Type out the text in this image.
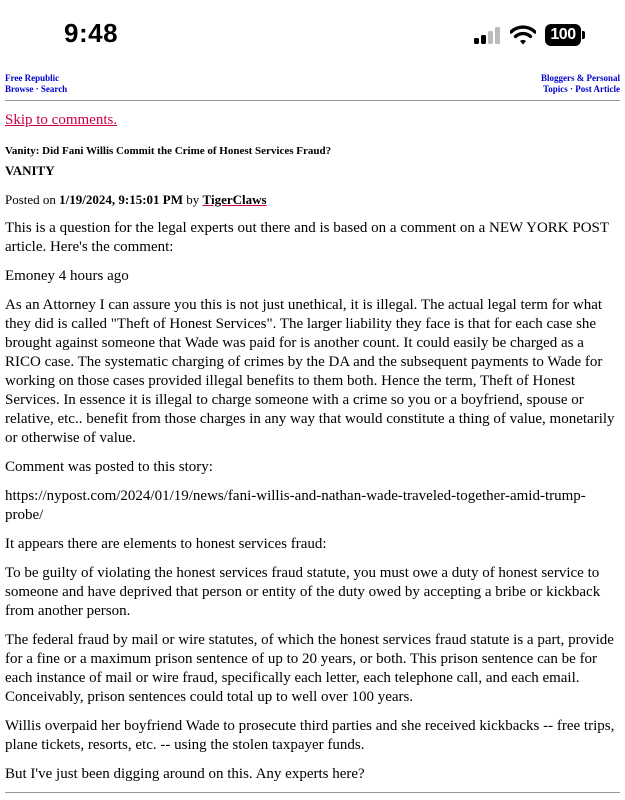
9:48	100
Free Republic
Browse · Search
Bloggers & Personal
Topics · Post Article
Skip to comments.
Vanity: Did Fani Willis Commit the Crime of Honest Services Fraud?
VANITY
Posted on 1/19/2024, 9:15:01 PM by TigerClaws

This is a question for the legal experts out there and is based on a comment on a NEW YORK POST article. Here's the comment:

Emoney 4 hours ago

As an Attorney I can assure you this is not just unethical, it is illegal. The actual legal term for what they did is called "Theft of Honest Services". The larger liability they face is that for each case she brought against someone that Wade was paid for is another count. It could easily be charged as a RICO case. The systematic charging of crimes by the DA and the subsequent payments to Wade for working on those cases provided illegal benefits to them both. Hence the term, Theft of Honest Services. In essence it is illegal to charge someone with a crime so you or a boyfriend, spouse or relative, etc.. benefit from those charges in any way that would constitute a thing of value, monetarily or otherwise of value.

Comment was posted to this story:

https://nypost.com/2024/01/19/news/fani-willis-and-nathan-wade-traveled-together-amid-trump-probe/

It appears there are elements to honest services fraud:

To be guilty of violating the honest services fraud statute, you must owe a duty of honest service to someone and have deprived that person or entity of the duty owed by accepting a bribe or kickback from another person.

The federal fraud by mail or wire statutes, of which the honest services fraud statute is a part, provide for a fine or a maximum prison sentence of up to 20 years, or both. This prison sentence can be for each instance of mail or wire fraud, specifically each letter, each telephone call, and each email. Conceivably, prison sentences could total up to well over 100 years.

Willis overpaid her boyfriend Wade to prosecute third parties and she received kickbacks -- free trips, plane tickets, resorts, etc. -- using the stolen taxpayer funds.

But I've just been digging around on this. Any experts here?
